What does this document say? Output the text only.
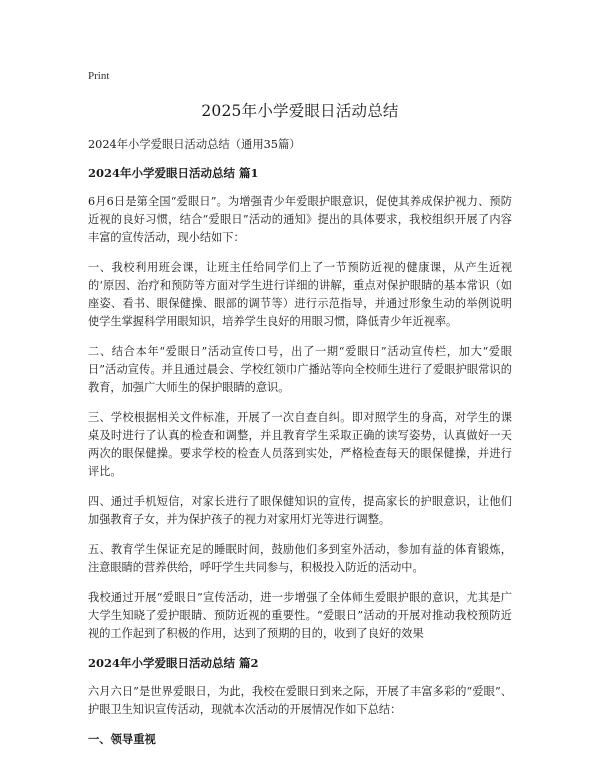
Print
2025年小学爱眼日活动总结

2024年小学爱眼日活动总结（通用35篇）

2024年小学爱眼日活动总结 篇1

6月6日是第全国“爱眼日”。为增强青少年爱眼护眼意识，促使其养成保护视力、预防近视的良好习惯，结合“爱眼日”活动的通知》提出的具体要求，我校组织开展了内容丰富的宣传活动，现小结如下：

一、我校利用班会课，让班主任给同学们上了一节预防近视的健康课，从产生近视的‘原因、治疗和预防等方面对学生进行详细的讲解，重点对保护眼睛的基本常识（如座姿、看书、眼保健操、眼部的调节等）进行示范指导，并通过形象生动的举例说明使学生掌握科学用眼知识，培养学生良好的用眼习惯，降低青少年近视率。

二、结合本年“爱眼日”活动宣传口号，出了一期“爱眼日”活动宣传栏，加大“爱眼日”活动宣传。并且通过晨会、学校红领巾广播站等向全校师生进行了爱眼护眼常识的教育，加强广大师生的保护眼睛的意识。

三、学校根据相关文件标准，开展了一次自查自纠。即对照学生的身高，对学生的课桌及时进行了认真的检查和调整，并且教育学生采取正确的读写姿势，认真做好一天两次的眼保健操。要求学校的检查人员落到实处，严格检查每天的眼保健操，并进行评比。

四、通过手机短信，对家长进行了眼保健知识的宣传，提高家长的护眼意识，让他们加强教育子女，并为保护孩子的视力对家用灯光等进行调整。

五、教育学生保证充足的睡眠时间，鼓励他们多到室外活动，参加有益的体育锻炼，注意眼睛的营养供给，呼吁学生共同参与，积极投入防近的活动中。

我校通过开展“爱眼日”宣传活动，进一步增强了全体师生爱眼护眼的意识，尤其是广大学生知晓了爱护眼睛、预防近视的重要性。“爱眼日”活动的开展对推动我校预防近视的工作起到了积极的作用，达到了预期的目的，收到了良好的效果

2024年小学爱眼日活动总结 篇2

六月六日”是世界爱眼日，为此，我校在爱眼日到来之际，开展了丰富多彩的“爱眼”、护眼卫生知识宣传活动，现就本次活动的开展情况作如下总结：

一、领导重视
